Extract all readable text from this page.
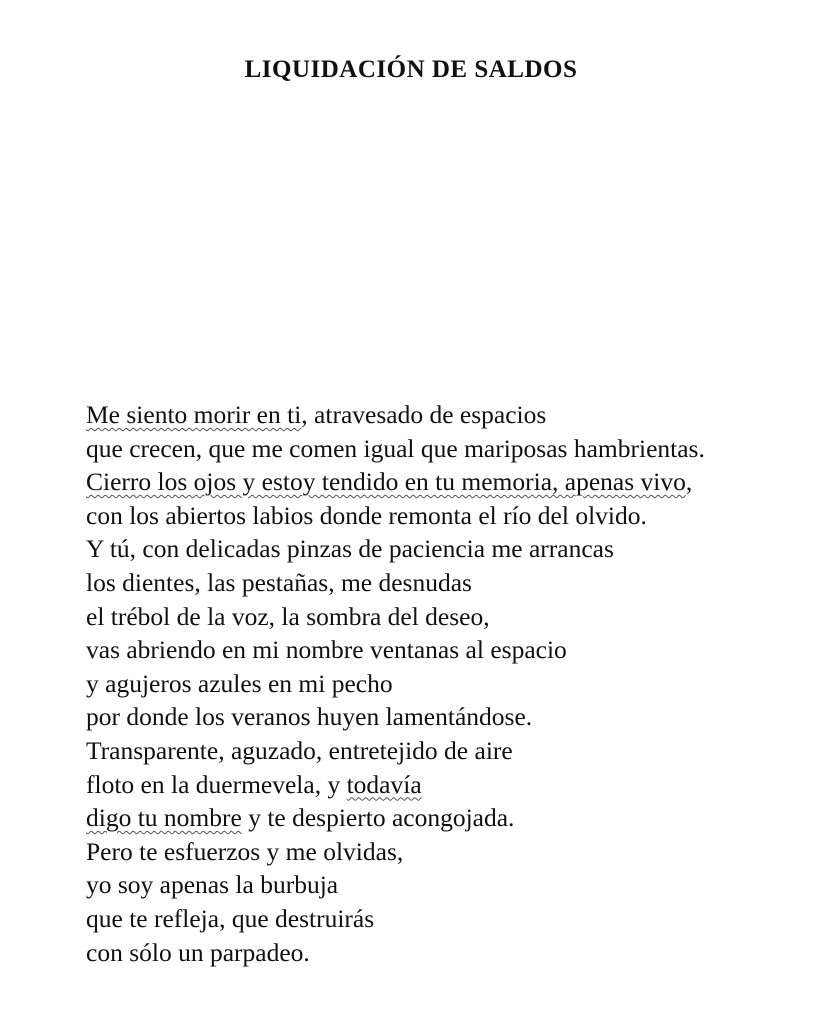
LIQUIDACIÓN DE SALDOS
Me siento morir en ti, atravesado de espacios
que crecen, que me comen igual que mariposas hambrientas.
Cierro los ojos y estoy tendido en tu memoria, apenas vivo,
con los abiertos labios donde remonta el río del olvido.
Y tú, con delicadas pinzas de paciencia me arrancas
los dientes, las pestañas, me desnudas
el trébol de la voz, la sombra del deseo,
vas abriendo en mi nombre ventanas al espacio
y agujeros azules en mi pecho
por donde los veranos huyen lamentándose.
Transparente, aguzado, entretejido de aire
floto en la duermevela, y todavía
digo tu nombre y te despierto acongojada.
Pero te esfuerzos y me olvidas,
yo soy apenas la burbuja
que te refleja, que destruirás
con sólo un parpadeo.
